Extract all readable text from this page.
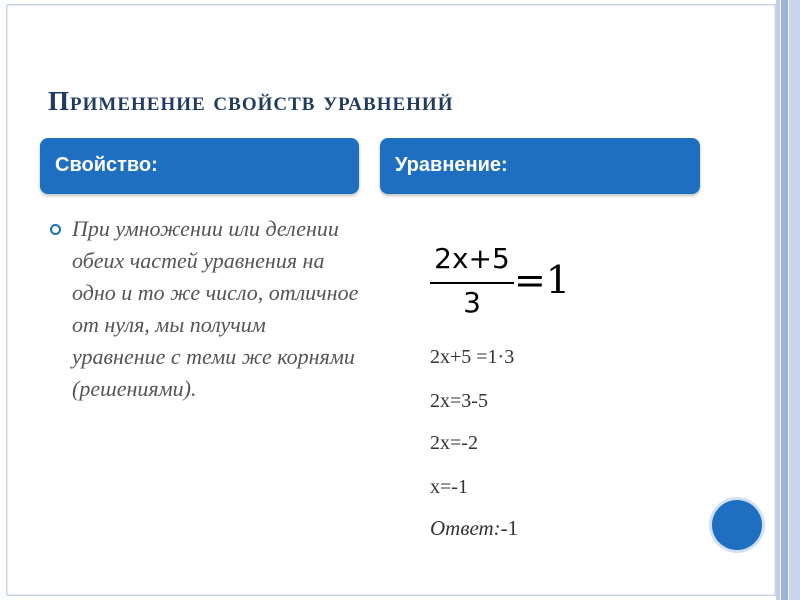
Применение свойств уравнений
Свойство:	Уравнение:
При умножении или делении обеих частей уравнения на одно и то же число, отличное от нуля, мы получим уравнение с теми же корнями (решениями).
2x+5
3
=1
2x+5 =1·3
2x=3-5
2x=-2
x=-1
Ответ:-1
